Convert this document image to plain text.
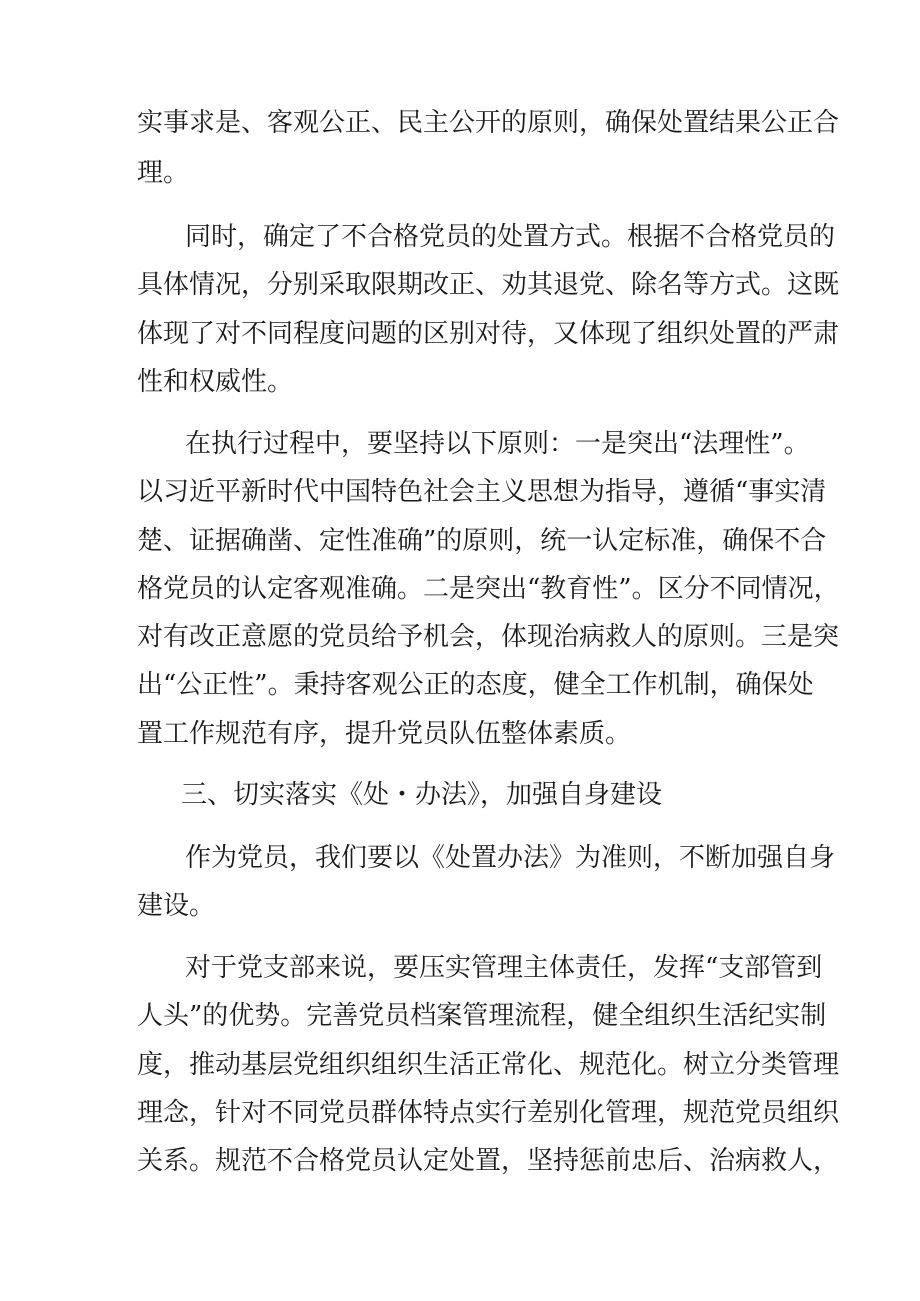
实事求是、客观公正、民主公开的原则，确保处置结果公正合
理。
同时，确定了不合格党员的处置方式。根据不合格党员的
具体情况，分别采取限期改正、劝其退党、除名等方式。这既
体现了对不同程度问题的区别对待，又体现了组织处置的严肃
性和权威性。
在执行过程中，要坚持以下原则：一是突出“法理性”。
以习近平新时代中国特色社会主义思想为指导，遵循“事实清
楚、证据确凿、定性准确”的原则，统一认定标准，确保不合
格党员的认定客观准确。二是突出“教育性”。区分不同情况，
对有改正意愿的党员给予机会，体现治病救人的原则。三是突
出“公正性”。秉持客观公正的态度，健全工作机制，确保处
置工作规范有序，提升党员队伍整体素质。
三、切实落实《处・办法》，加强自身建设
作为党员，我们要以《处置办法》为准则，不断加强自身
建设。
对于党支部来说，要压实管理主体责任，发挥“支部管到
人头”的优势。完善党员档案管理流程，健全组织生活纪实制
度，推动基层党组织组织生活正常化、规范化。树立分类管理
理念，针对不同党员群体特点实行差别化管理，规范党员组织
关系。规范不合格党员认定处置，坚持惩前忠后、治病救人，
